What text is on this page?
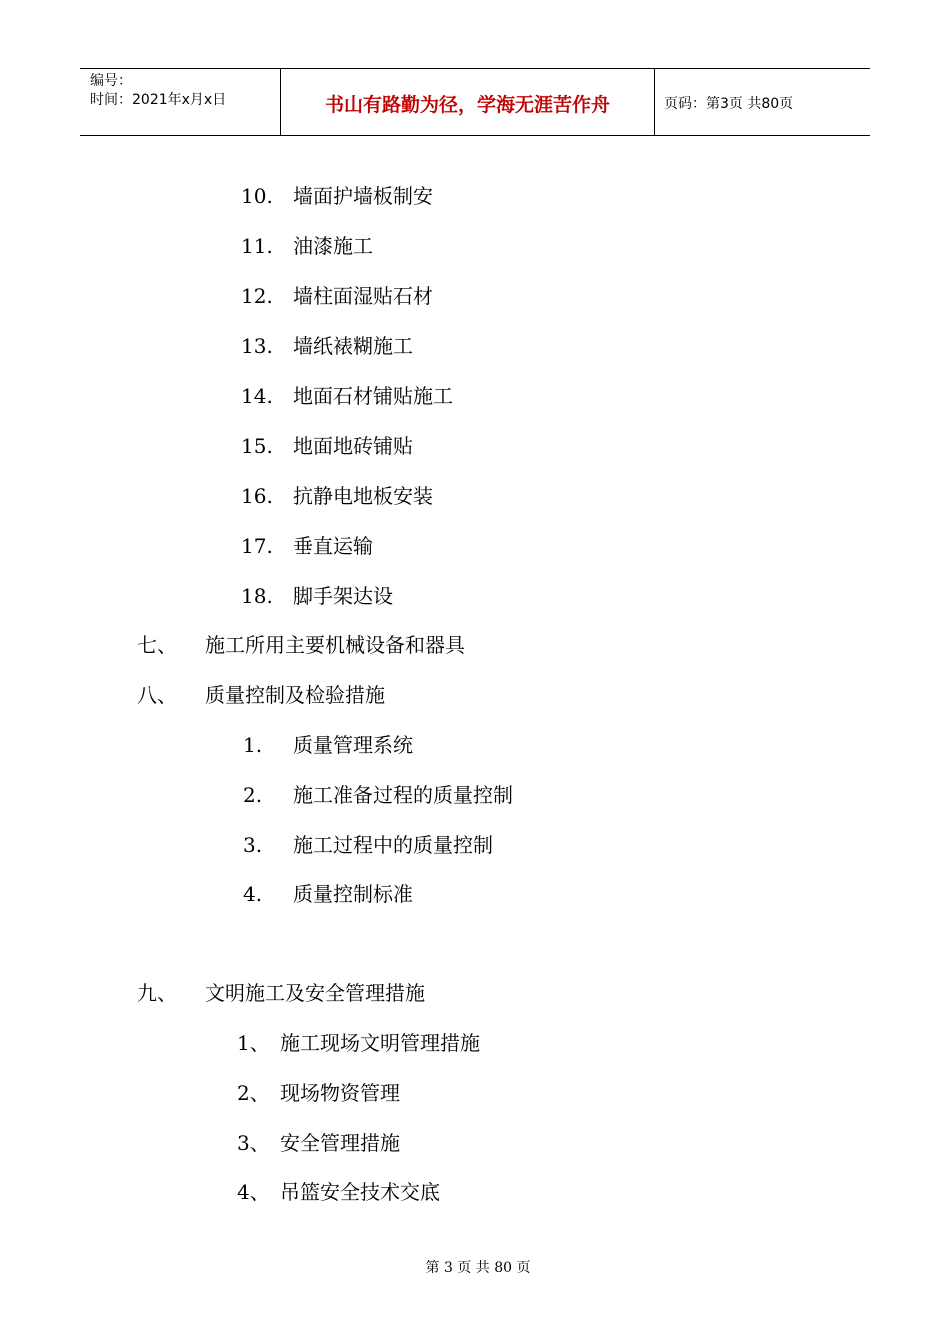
编号：
时间：2021年x月x日	书山有路勤为径，学海无涯苦作舟	页码：第3页 共80页
10. 墙面护墙板制安
11. 油漆施工
12. 墙柱面湿贴石材
13. 墙纸裱糊施工
14. 地面石材铺贴施工
15. 地面地砖铺贴
16. 抗静电地板安装
17. 垂直运输
18. 脚手架达设
七、 施工所用主要机械设备和器具
八、 质量控制及检验措施
1. 质量管理系统
2. 施工准备过程的质量控制
3. 施工过程中的质量控制
4. 质量控制标准
九、 文明施工及安全管理措施
1、 施工现场文明管理措施
2、 现场物资管理
3、 安全管理措施
4、 吊篮安全技术交底
第 3 页 共 80 页
